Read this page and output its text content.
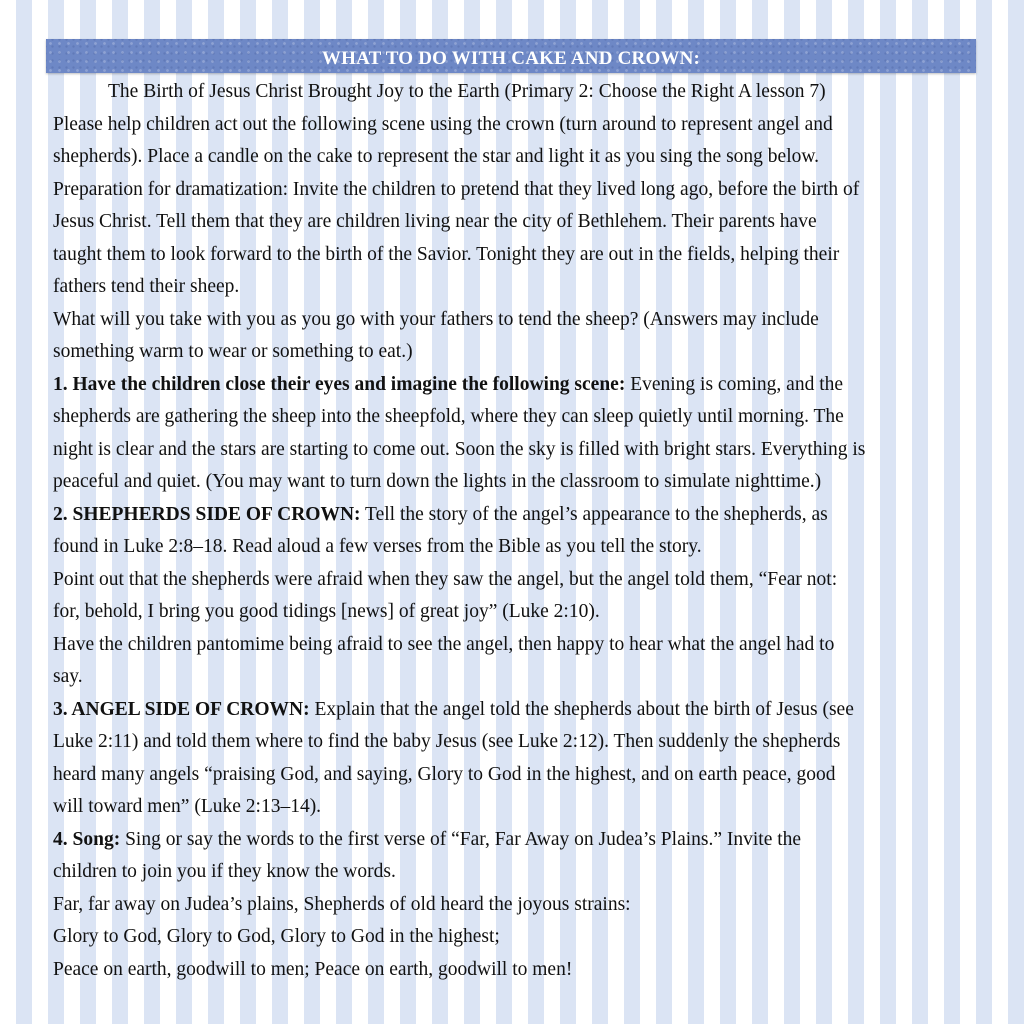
WHAT TO DO WITH CAKE AND CROWN:

The Birth of Jesus Christ Brought Joy to the Earth (Primary 2: Choose the Right A lesson 7)

Please help children act out the following scene using the crown (turn around to represent angel and

shepherds). Place a candle on the cake to represent the star and light it as you sing the song below.

Preparation for dramatization: Invite the children to pretend that they lived long ago, before the birth of

Jesus Christ. Tell them that they are children living near the city of Bethlehem. Their parents have

taught them to look forward to the birth of the Savior. Tonight they are out in the fields, helping their

fathers tend their sheep.

What will you take with you as you go with your fathers to tend the sheep? (Answers may include

something warm to wear or something to eat.)

1. Have the children close their eyes and imagine the following scene: Evening is coming, and the

shepherds are gathering the sheep into the sheepfold, where they can sleep quietly until morning. The

night is clear and the stars are starting to come out. Soon the sky is filled with bright stars. Everything is

peaceful and quiet. (You may want to turn down the lights in the classroom to simulate nighttime.)

2. SHEPHERDS SIDE OF CROWN: Tell the story of the angel’s appearance to the shepherds, as

found in Luke 2:8–18. Read aloud a few verses from the Bible as you tell the story.

Point out that the shepherds were afraid when they saw the angel, but the angel told them, “Fear not:

for, behold, I bring you good tidings [news] of great joy” (Luke 2:10).

Have the children pantomime being afraid to see the angel, then happy to hear what the angel had to

say.

3. ANGEL SIDE OF CROWN: Explain that the angel told the shepherds about the birth of Jesus (see

Luke 2:11) and told them where to find the baby Jesus (see Luke 2:12). Then suddenly the shepherds

heard many angels “praising God, and saying, Glory to God in the highest, and on earth peace, good

will toward men” (Luke 2:13–14).

4. Song: Sing or say the words to the first verse of “Far, Far Away on Judea’s Plains.” Invite the

children to join you if they know the words.

Far, far away on Judea’s plains, Shepherds of old heard the joyous strains:

Glory to God, Glory to God, Glory to God in the highest;

Peace on earth, goodwill to men; Peace on earth, goodwill to men!
